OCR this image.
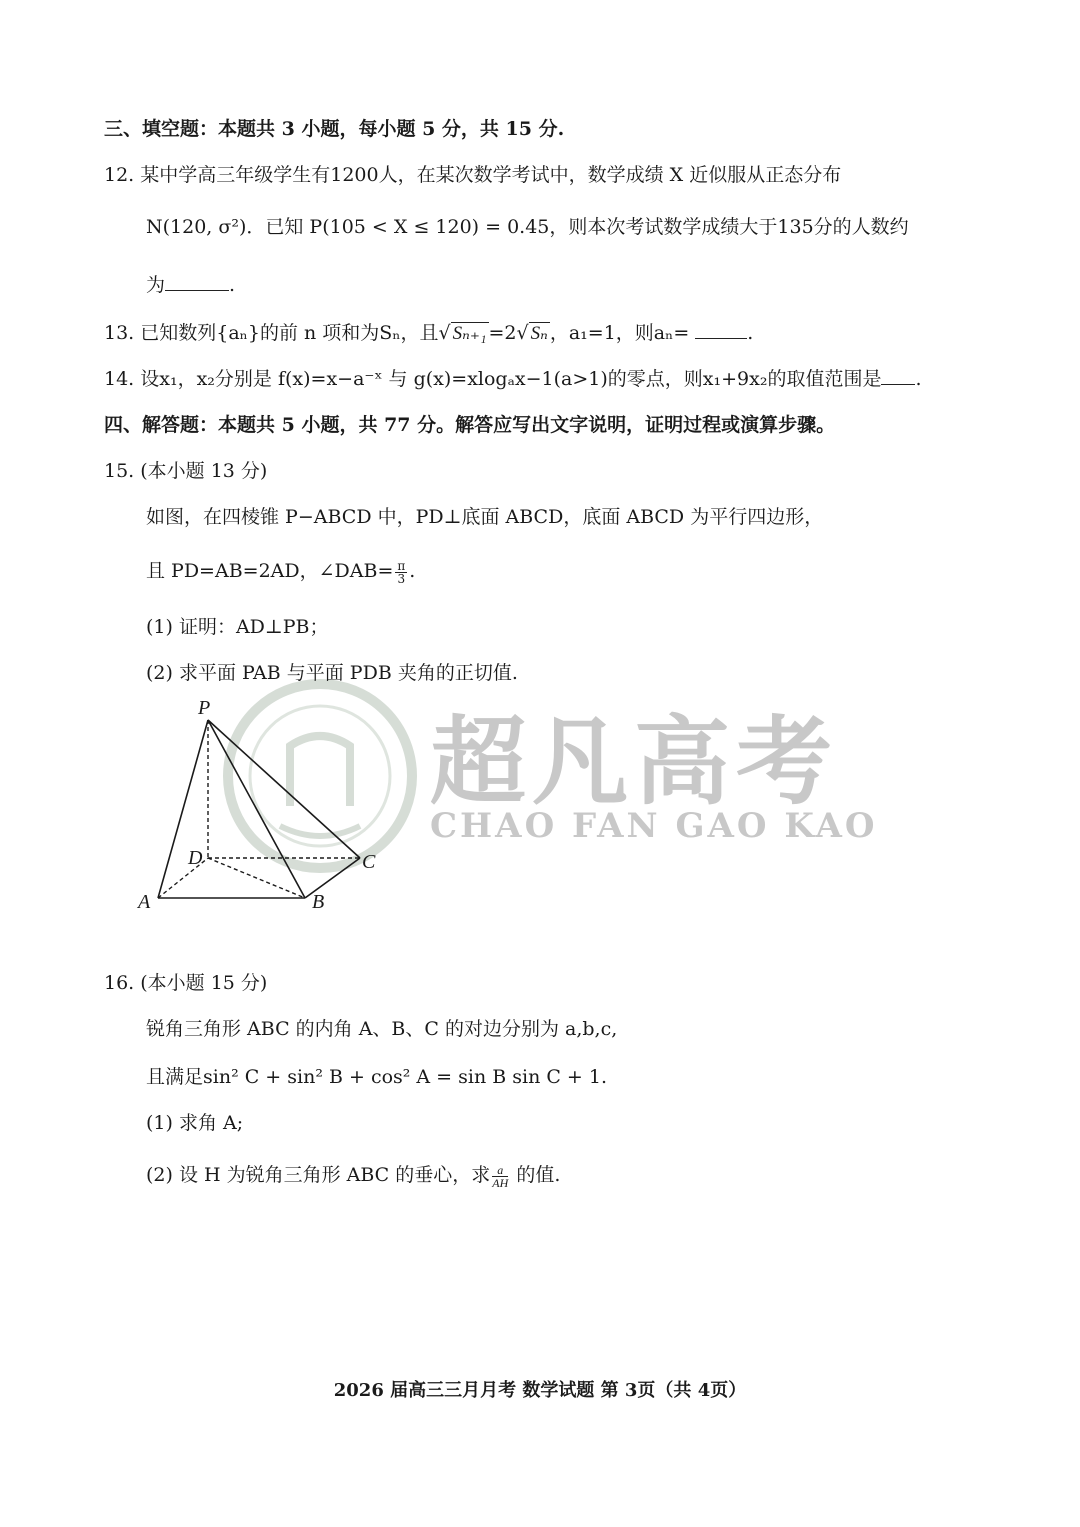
超凡高考
CHAO FAN GAO KAO
三、填空题：本题共 3 小题，每小题 5 分，共 15 分.
12. 某中学高三年级学生有1200人，在某次数学考试中，数学成绩 X 近似服从正态分布
N(120, σ²)．已知 P(105 < X ≤ 120) = 0.45，则本次考试数学成绩大于135分的人数约
为	.
13. 已知数列{aₙ}的前 n 项和为Sₙ，且√ Sₙ₊₁ =2√ Sₙ ，a₁=1，则aₙ=	.
14. 设x₁，x₂分别是 f(x)=x−a⁻ˣ 与 g(x)=xlogₐx−1(a>1)的零点，则x₁+9x₂的取值范围是 .
四、解答题：本题共 5 小题，共 77 分。解答应写出文字说明，证明过程或演算步骤。
15. (本小题 13 分)
如图，在四棱锥 P−ABCD 中，PD⊥底面 ABCD，底面 ABCD 为平行四边形，
且 PD=AB=2AD，∠DAB= $\frac{\pi}{3}$ .
(1) 证明：AD⊥PB；
(2) 求平面 PAB 与平面 PDB 夹角的正切值.
P
D	C
A	B
16. (本小题 15 分)
锐角三角形 ABC 的内角 A、B、C 的对边分别为 a,b,c,
且满足sin² C + sin² B + cos² A = sin B sin C + 1.
(1) 求角 A;
(2) 设 H 为锐角三角形 ABC 的垂心，求 $\frac{a}{AH}$ 的值.
2026 届高三三月月考 数学试题 第 3页（共 4页）
